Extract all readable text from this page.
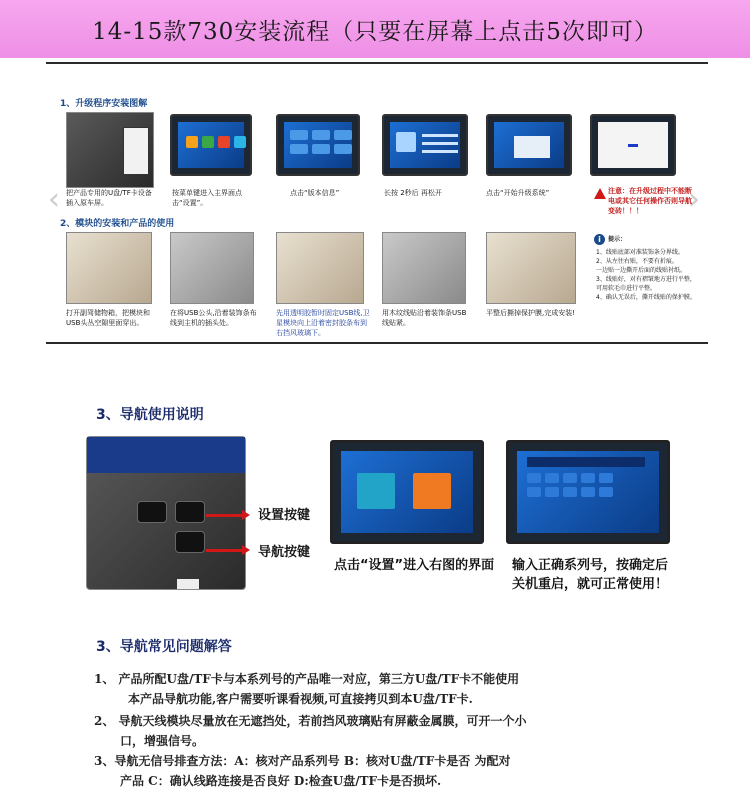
14-15款730安装流程（只要在屏幕上点击5次即可）
1、升级程序安装图解
‹	›
把产品专用的U盘/TF卡设备插入原车屏。
按菜单键进入主界面点击“设置”。
点击“版本信息”	长按 2秒后 再松开	点击“开始升级系统”	注意：在升级过程中不能断电或其它任何操作否则导航变砖！！！
2、模块的安装和产品的使用
i	提示：
1、线贴底部对准装饰条分界线。
2、从左往右贴，不要有折痕。
一边贴一边撕开后面的线贴衬纸。
3、线贴好，对有褶皱地方进行平整，可用软毛巾进行平整。
4、确认无误后，撕开线贴的保护膜。
打开副驾储物箱，把模块和USB头丛空隙里面穿出。
在将USB公头,沿着装饰条布线到主机的插头处。
先用透明胶暂时固定USB线,卫星模块向上沿着密封胶条布到右挡风玻璃下。
用木纹线贴沿着装饰条USB线贴紧。
平整后撕掉保护膜,完成安装!
3、导航使用说明
设置按键
导航按键
点击“设置”进入右图的界面	输入正确系列号，按确定后关机重启，就可正常使用！
3、导航常见问题解答
1、 产品所配U盘/TF卡与本系列号的产品唯一对应，第三方U盘/TF卡不能使用
本产品导航功能,客户需要听课看视频,可直接拷贝到本U盘/TF卡.
2、 导航天线模块尽量放在无遮挡处，若前挡风玻璃贴有屏蔽金属膜，可开一个小
口，增强信号。
3、导航无信号排查方法：A：核对产品系列号 B：核对U盘/TF卡是否 为配对
产品 C：确认线路连接是否良好 D:检查U盘/TF卡是否损坏.
